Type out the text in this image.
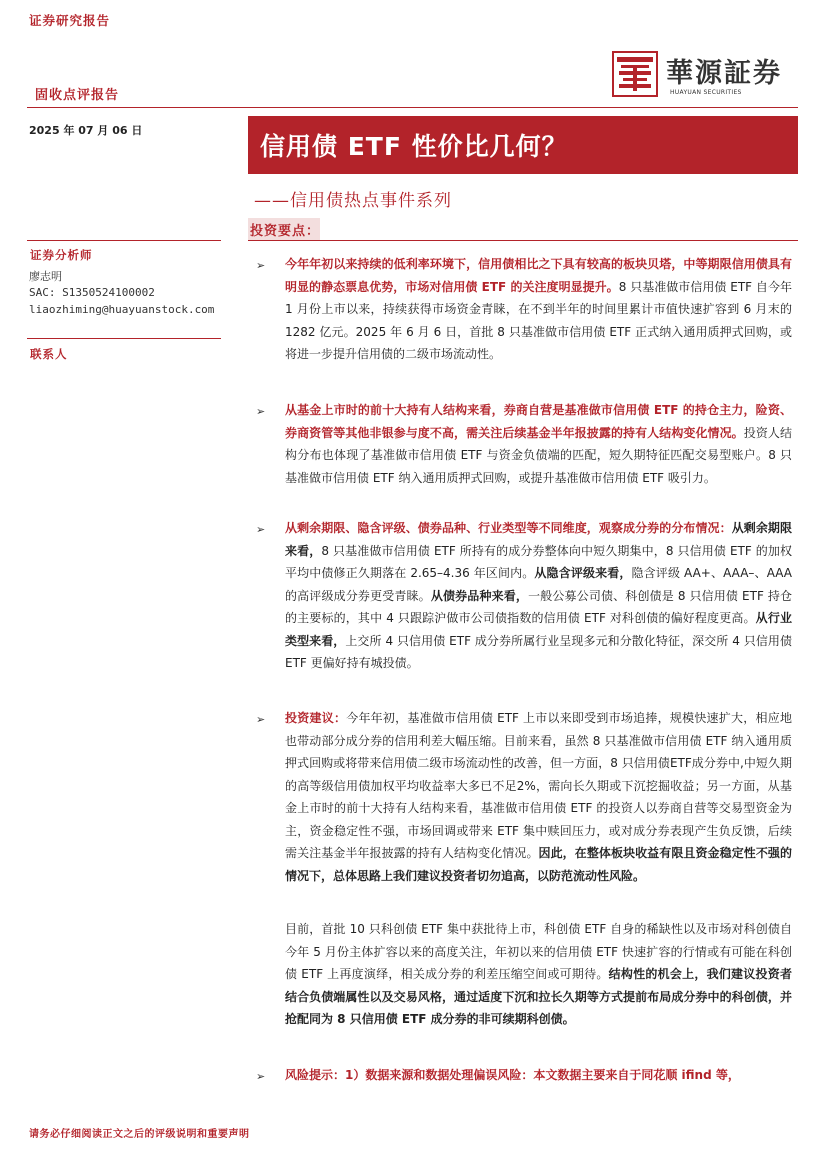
证券研究报告
華源証券
HUAYUAN SECURITIES
固收点评报告
2025 年 07 月 06 日
信用债 ETF 性价比几何？
——信用债热点事件系列
投资要点：
证券分析师
廖志明
SAC: S1350524100002
liaozhiming@huayuanstock.com
联系人
➢ 今年年初以来持续的低利率环境下，信用债相比之下具有较高的板块贝塔，中等期限信用债具有明显的静态票息优势，市场对信用债 ETF 的关注度明显提升。8 只基准做市信用债 ETF 自今年 1 月份上市以来，持续获得市场资金青睐，在不到半年的时间里累计市值快速扩容到 6 月末的 1282 亿元。2025 年 6 月 6 日，首批 8 只基准做市信用债 ETF 正式纳入通用质押式回购，或将进一步提升信用债的二级市场流动性。

➢ 从基金上市时的前十大持有人结构来看，券商自营是基准做市信用债 ETF 的持仓主力，险资、券商资管等其他非银参与度不高，需关注后续基金半年报披露的持有人结构变化情况。投资人结构分布也体现了基准做市信用债 ETF 与资金负债端的匹配，短久期特征匹配交易型账户。8 只基准做市信用债 ETF 纳入通用质押式回购，或提升基准做市信用债 ETF 吸引力。

➢ 从剩余期限、隐含评级、债券品种、行业类型等不同维度，观察成分券的分布情况：从剩余期限来看，8 只基准做市信用债 ETF 所持有的成分券整体向中短久期集中，8 只信用债 ETF 的加权平均中债修正久期落在 2.65–4.36 年区间内。从隐含评级来看，隐含评级 AA+、AAA–、AAA 的高评级成分券更受青睐。从债券品种来看，一般公募公司债、科创债是 8 只信用债 ETF 持仓的主要标的，其中 4 只跟踪沪做市公司债指数的信用债 ETF 对科创债的偏好程度更高。从行业类型来看，上交所 4 只信用债 ETF 成分券所属行业呈现多元和分散化特征，深交所 4 只信用债 ETF 更偏好持有城投债。

➢ 投资建议：今年年初，基准做市信用债 ETF 上市以来即受到市场追捧，规模快速扩大，相应地也带动部分成分券的信用利差大幅压缩。目前来看，虽然 8 只基准做市信用债 ETF 纳入通用质押式回购或将带来信用债二级市场流动性的改善，但一方面，8 只信用债ETF成分券中,中短久期的高等级信用债加权平均收益率大多已不足2%，需向长久期或下沉挖掘收益；另一方面，从基金上市时的前十大持有人结构来看，基准做市信用债 ETF 的投资人以券商自营等交易型资金为主，资金稳定性不强，市场回调或带来 ETF 集中赎回压力，或对成分券表现产生负反馈，后续需关注基金半年报披露的持有人结构变化情况。因此，在整体板块收益有限且资金稳定性不强的情况下，总体思路上我们建议投资者切勿追高，以防范流动性风险。

目前，首批 10 只科创债 ETF 集中获批待上市，科创债 ETF 自身的稀缺性以及市场对科创债自今年 5 月份主体扩容以来的高度关注，年初以来的信用债 ETF 快速扩容的行情或有可能在科创债 ETF 上再度演绎，相关成分券的利差压缩空间或可期待。结构性的机会上，我们建议投资者结合负债端属性以及交易风格，通过适度下沉和拉长久期等方式提前布局成分券中的科创债，并抢配同为 8 只信用债 ETF 成分券的非可续期科创债。

➢ 风险提示：1）数据来源和数据处理偏误风险：本文数据主要来自于同花顺 ifind 等，

请务必仔细阅读正文之后的评级说明和重要声明
